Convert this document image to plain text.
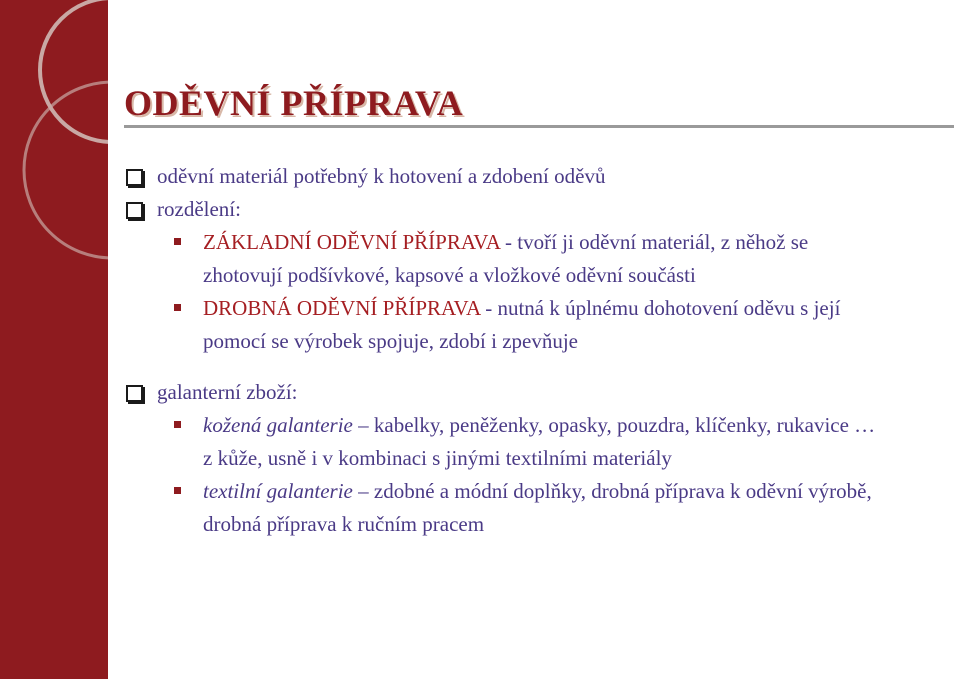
ODĚVNÍ PŘÍPRAVA
oděvní materiál potřebný k hotovení a zdobení oděvů
rozdělení:
ZÁKLADNÍ ODĚVNÍ PŘÍPRAVA - tvoří ji oděvní materiál, z něhož se zhotovují podšívkové, kapsové a vložkové oděvní součásti
DROBNÁ ODĚVNÍ PŘÍPRAVA - nutná k úplnému dohotovení oděvu s její pomocí se výrobek spojuje, zdobí i zpevňuje
galanterní zboží:
kožená galanterie – kabelky, peněženky, opasky, pouzdra, klíčenky, rukavice … z kůže, usně i v kombinaci s jinými textilními materiály
textilní galanterie – zdobné a módní doplňky, drobná příprava k oděvní výrobě, drobná příprava k ručním pracem
